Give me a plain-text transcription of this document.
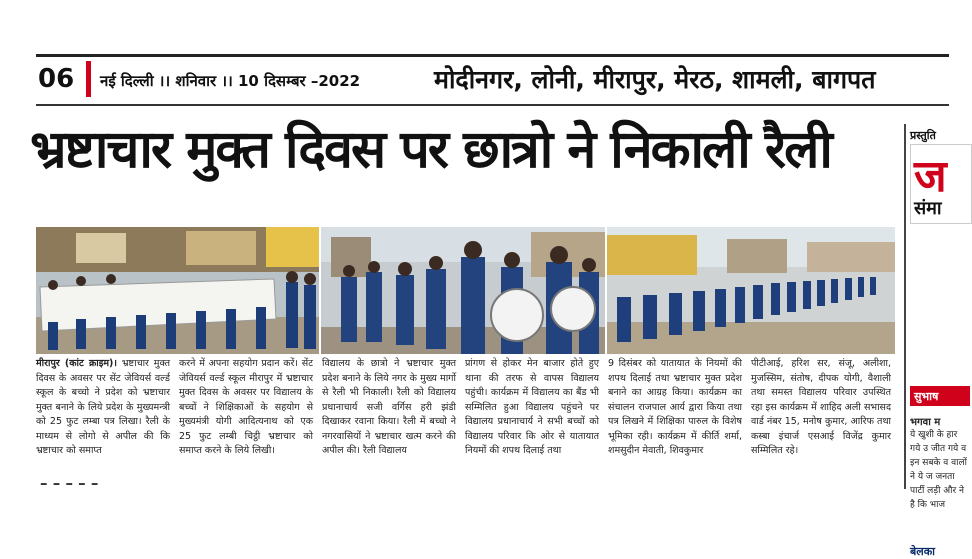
06 नई दिल्ली ।। शनिवार ।। 10 दिसम्बर –2022	मोदीनगर, लोनी, मीरापुर, मेरठ, शामली, बागपत
भ्रष्टाचार मुक्त दिवस पर छात्रो ने निकाली रैली
मीरापुर (कांट क्राइम)। भ्रष्टाचार मुक्त दिवस के अवसर पर सेंट जेवियर्स वर्ल्ड स्कूल के बच्चो ने प्रदेश को भ्रष्टाचार मुक्त बनाने के लिये प्रदेश के मुख्यमन्त्री को 25 फुट लम्बा पत्र लिखा। रैली के माध्यम से लोगो से अपील की कि भ्रष्टाचार को समाप्त
करने में अपना सहयोग प्रदान करें। सेंट जेवियर्स वर्ल्ड स्कूल मीरापुर में भ्रष्टाचार मुक्त दिवस के अवसर पर विद्यालय के बच्चों ने शिक्षिकाओं के सहयोग से मुख्यमंत्री योगी आदित्यनाथ को एक 25 फुट लम्बी चिट्ठी भ्रष्टाचार को समाप्त करने के लिये लिखी।
विद्यालय के छात्रो ने भ्रष्टाचार मुक्त प्रदेश बनाने के लिये नगर के मुख्य मार्गो से रैली भी निकाली। रैली को विद्यालय प्रधानाचार्य सजी वर्गिस हरी झंडी दिखाकर रवाना किया। रैली में बच्चो ने नगरवासियों ने भ्रष्टाचार खत्म करने की अपील की। रैली विद्यालय
प्रांगण से होकर मेन बाजार होते हुए थाना की तरफ से वापस विद्यालय पहुंची। कार्यक्रम में विद्यालय का बैंड भी सम्मिलित हुआ विद्यालय पहुंचने पर विद्यालय प्रधानाचार्य ने सभी बच्चों को विद्यालय परिवार कि ओर से यातायात नियमों की शपथ दिलाई तथा
9 दिसंबर को यातायात के नियमों की शपथ दिलाई तथा भ्रष्टाचार मुक्त प्रदेश बनाने का आग्रह किया। कार्यक्रम का संचालन राजपाल आर्य द्वारा किया तथा पत्र लिखने में शिक्षिका पारुल के विशेष भूमिका रही। कार्यक्रम में कीर्ति शर्मा, शमसुदीन मेवाती, शिवकुमार
पीटीआई, हरिश सर, संजू, अलीशा, मुजस्सिम, संतोष, दीपक योगी, वैशाली तथा समस्त विद्यालय परिवार उपस्थित रहा इस कार्यक्रम में शाहिद अली सभासद वार्ड नंबर 15, मनोष कुमार, आरिफ तथा कस्बा इंचार्ज एसआई विजेंद्र कुमार सम्मिलित रहे।
प्रस्तुति
ज
संमा
सुभाष
भगवा म
ये खुशी के हार गये उ जीत गये व इन सबके व वालों ने ये ज जनता पार्टी लड़ी और ने है कि भाज
बेलका
– – – – –
